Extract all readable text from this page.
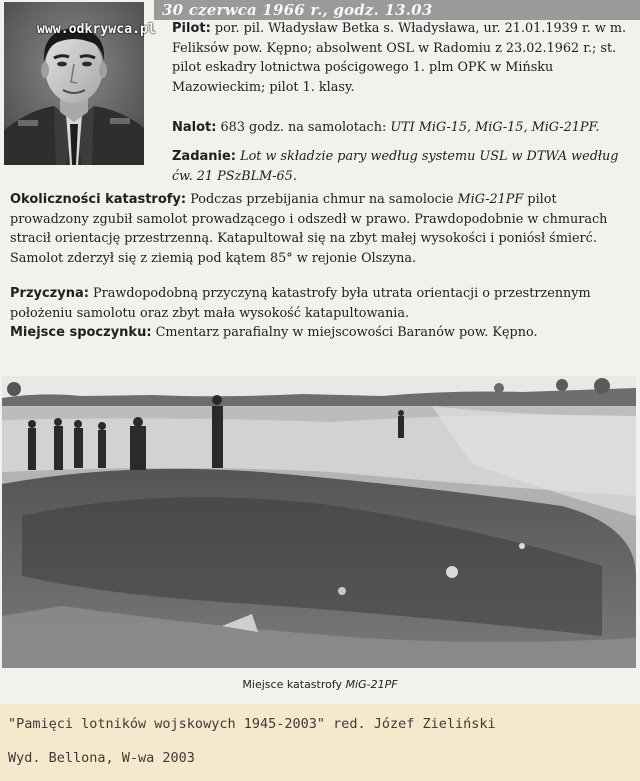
30 czerwca 1966 r., godz. 13.03
www.odkrywca.pl Pilot: por. pil. Władysław Betka s. Władysława, ur. 21.01.1939 r. w m. Feliksów pow. Kępno; absolwent OSL w Radomiu z 23.02.1962 r.; st. pilot eskadry lotnictwa pościgowego 1. plm OPK w Mińsku Mazowieckim; pilot 1. klasy.
Nalot: 683 godz. na samolotach: UTI MiG-15, MiG-15, MiG-21PF.
Zadanie: Lot w składzie pary według systemu USL w DTWA według ćw. 21 PSzBLM-65.
Okoliczności katastrofy: Podczas przebijania chmur na samolocie MiG-21PF pilot prowadzony zgubił samolot prowadzącego i odszedł w prawo. Prawdopodobnie w chmurach stracił orientację przestrzenną. Katapultował się na zbyt małej wysokości i poniósł śmierć. Samolot zderzył się z ziemią pod kątem 85° w rejonie Olszyna.
Przyczyna: Prawdopodobną przyczyną katastrofy była utrata orientacji o przestrzennym położeniu samolotu oraz zbyt mała wysokość katapultowania.
Miejsce spoczynku: Cmentarz parafialny w miejscowości Baranów pow. Kępno.
Miejsce katastrofy MiG-21PF
"Pamięci lotników wojskowych 1945-2003" red. Józef Zieliński
Wyd. Bellona, W-wa 2003
